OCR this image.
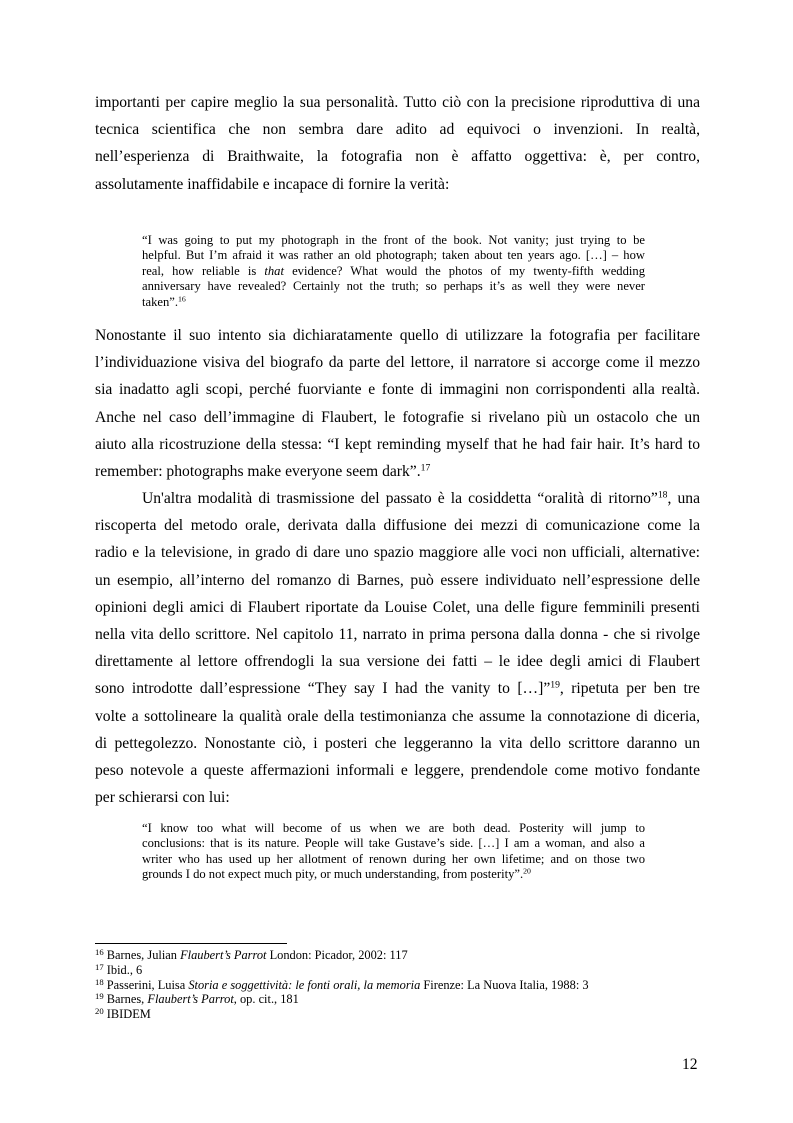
importanti per capire meglio la sua personalità. Tutto ciò con la precisione riproduttiva di una
tecnica scientifica che non sembra dare adito ad equivoci o invenzioni. In realtà,
nell’esperienza di Braithwaite, la fotografia non è affatto oggettiva: è, per contro,
assolutamente inaffidabile e incapace di fornire la verità:

“I was going to put my photograph in the front of the book. Not vanity; just trying to be
helpful. But I’m afraid it was rather an old photograph; taken about ten years ago. […] – how
real, how reliable is that evidence? What would the photos of my twenty-fifth wedding
anniversary have revealed? Certainly not the truth; so perhaps it’s as well they were never
taken”.$^{16}$

Nonostante il suo intento sia dichiaratamente quello di utilizzare la fotografia per facilitare
l’individuazione visiva del biografo da parte del lettore, il narratore si accorge come il mezzo
sia inadatto agli scopi, perché fuorviante e fonte di immagini non corrispondenti alla realtà.
Anche nel caso dell’immagine di Flaubert, le fotografie si rivelano più un ostacolo che un
aiuto alla ricostruzione della stessa: “I kept reminding myself that he had fair hair. It’s hard to
remember: photographs make everyone seem dark”.$^{17}$

Un'altra modalità di trasmissione del passato è la cosiddetta “oralità di ritorno”$^{18}$, una
riscoperta del metodo orale, derivata dalla diffusione dei mezzi di comunicazione come la
radio e la televisione, in grado di dare uno spazio maggiore alle voci non ufficiali, alternative:
un esempio, all’interno del romanzo di Barnes, può essere individuato nell’espressione delle
opinioni degli amici di Flaubert riportate da Louise Colet, una delle figure femminili presenti
nella vita dello scrittore. Nel capitolo 11, narrato in prima persona dalla donna - che si rivolge
direttamente al lettore offrendogli la sua versione dei fatti – le idee degli amici di Flaubert
sono introdotte dall’espressione “They say I had the vanity to […]”$^{19}$, ripetuta per ben tre
volte a sottolineare la qualità orale della testimonianza che assume la connotazione di diceria,
di pettegolezzo. Nonostante ciò, i posteri che leggeranno la vita dello scrittore daranno un
peso notevole a queste affermazioni informali e leggere, prendendole come motivo fondante
per schierarsi con lui:

“I know too what will become of us when we are both dead. Posterity will jump to
conclusions: that is its nature. People will take Gustave’s side. […] I am a woman, and also a
writer who has used up her allotment of renown during her own lifetime; and on those two
grounds I do not expect much pity, or much understanding, from posterity”.$^{20}$

$^{16}$ Barnes, Julian Flaubert’s Parrot London: Picador, 2002: 117
$^{17}$ Ibid., 6
$^{18}$ Passerini, Luisa Storia e soggettività: le fonti orali, la memoria Firenze: La Nuova Italia, 1988: 3
$^{19}$ Barnes, Flaubert’s Parrot, op. cit., 181
$^{20}$ IBIDEM
12
